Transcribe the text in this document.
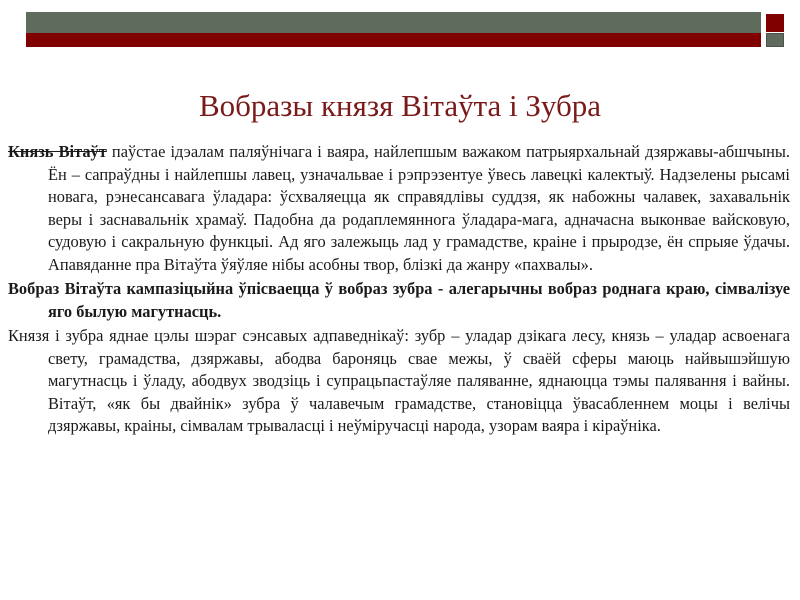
Вобразы князя Вітаўта і Зубра

Князь Вітаўт паўстае ідэалам паляўнічага і ваяра, найлепшым важаком патрыярхальнай дзяржавы-абшчыны. Ён – сапраўдны і найлепшы лавец, узначальвае і рэпрэзентуе ўвесь лавецкі калектыў. Надзелены рысамі новага, рэнесансавага ўладара: ўсхваляецца як справядлівы суддзя, як набожны чалавек, захавальнік веры і заснавальнік храмаў. Падобна да родаплемяннога ўладара-мага, адначасна выконвае вайсковую, судовую і сакральную функцыі. Ад яго залежыць лад у грамадстве, краіне і прыродзе, ён спрыяе ўдачы. Апавяданне пра Вітаўта ўяўляе нібы асобны твор, блізкі да жанру «пахвалы».

Вобраз Вітаўта кампазіцыйна ўпісваецца ў вобраз зубра - алегарычны вобраз роднага краю, сімвалізуе яго былую магутнасць.

Князя і зубра яднае цэлы шэраг сэнсавых адпаведнікаў: зубр – уладар дзікага лесу, князь – уладар асвоенага свету, грамадства, дзяржавы, абодва бароняць свае межы, ў сваёй сферы маюць найвышэйшую магутнасць і ўладу, абодвух зводзіць і супрацьпастаўляе паляванне, яднаюцца тэмы палявання і вайны. Вітаўт, «як бы двайнік» зубра ў чалавечым грамадстве, становіцца ўвасабленнем моцы і велічы дзяржавы, краіны, сімвалам трываласці і неўміручасці народа, узорам ваяра і кіраўніка.
